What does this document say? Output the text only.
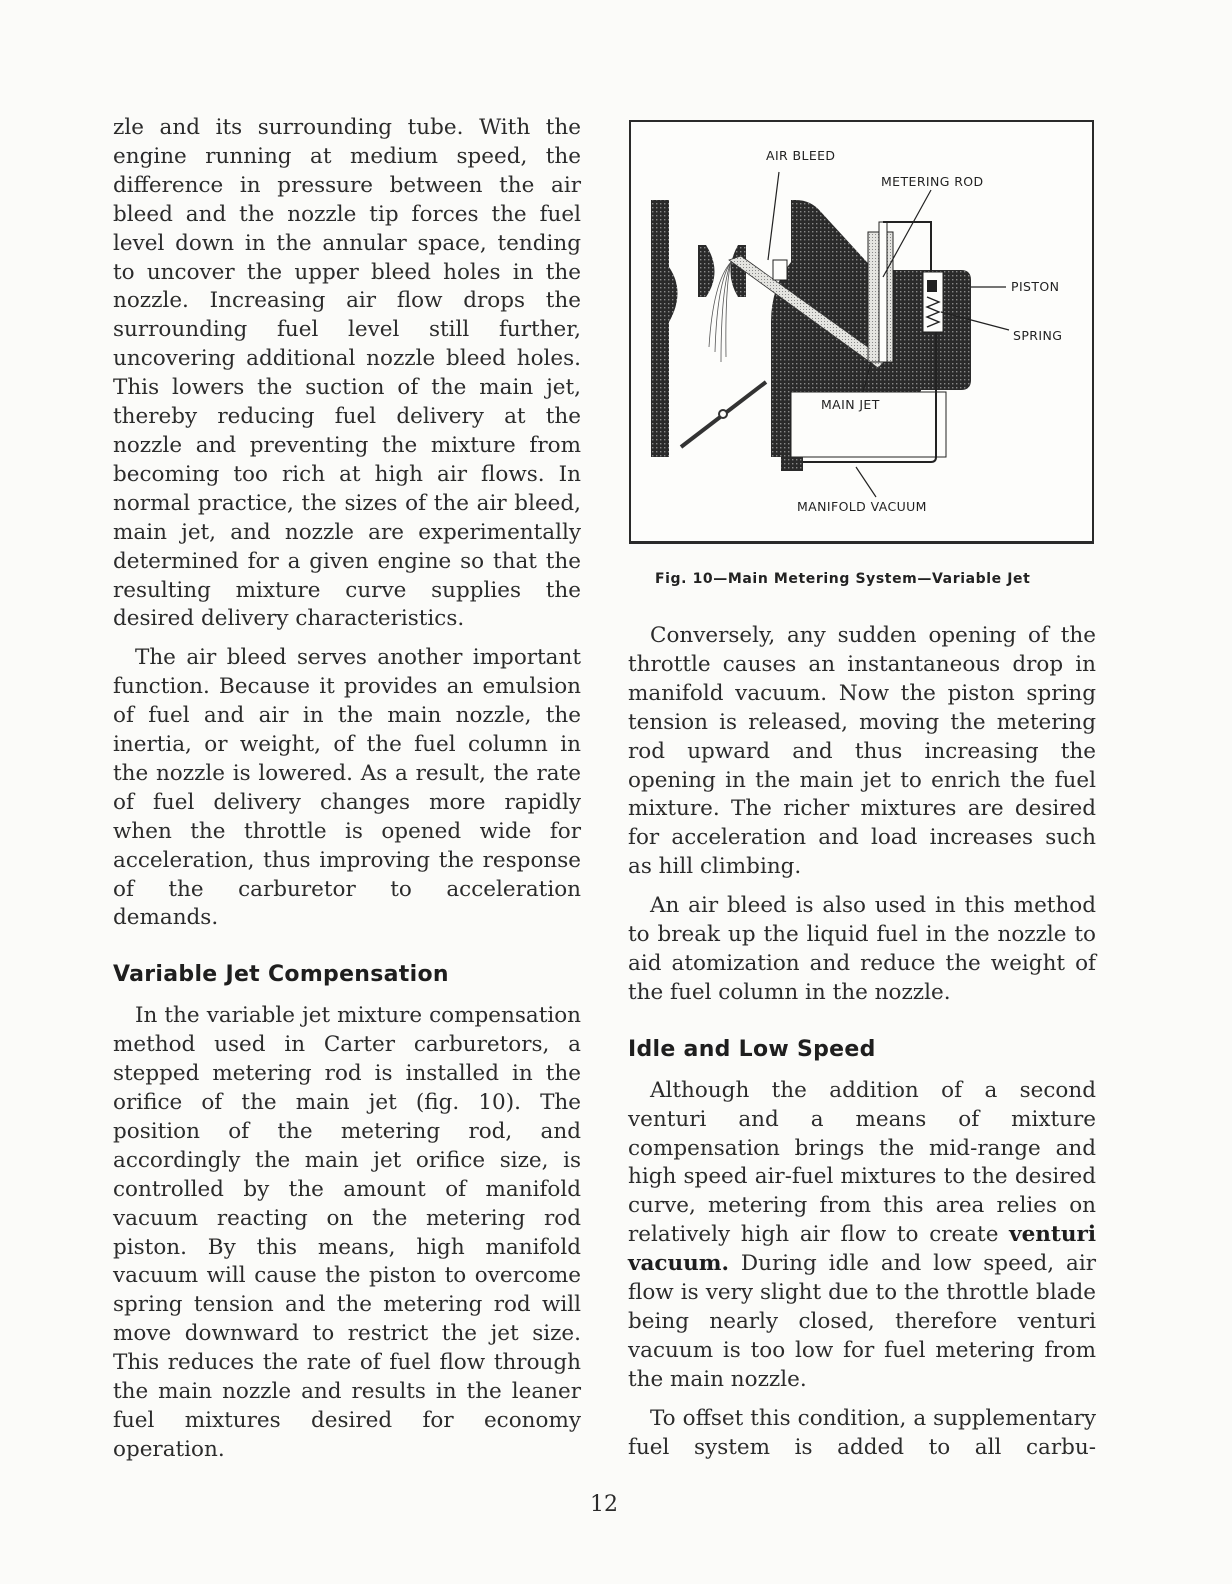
zle and its surrounding tube. With the engine running at medium speed, the difference in pressure between the air bleed and the nozzle tip forces the fuel level down in the annular space, tending to uncover the upper bleed holes in the nozzle. Increasing air flow drops the surrounding fuel level still further, uncovering additional nozzle bleed holes. This lowers the suction of the main jet, thereby reducing fuel delivery at the nozzle and preventing the mixture from becoming too rich at high air flows. In normal practice, the sizes of the air bleed, main jet, and nozzle are experimentally determined for a given engine so that the resulting mixture curve supplies the desired delivery characteristics.

The air bleed serves another important function. Because it provides an emulsion of fuel and air in the main nozzle, the inertia, or weight, of the fuel column in the nozzle is lowered. As a result, the rate of fuel delivery changes more rapidly when the throttle is opened wide for acceleration, thus improving the response of the carburetor to acceleration demands.

Variable Jet Compensation

In the variable jet mixture compensation method used in Carter carburetors, a stepped metering rod is installed in the orifice of the main jet (fig. 10). The position of the metering rod, and accordingly the main jet orifice size, is controlled by the amount of manifold vacuum reacting on the metering rod piston. By this means, high manifold vacuum will cause the piston to overcome spring tension and the metering rod will move downward to restrict the jet size. This reduces the rate of fuel flow through the main nozzle and results in the leaner fuel mixtures desired for economy operation.

AIR BLEED
METERING ROD
PISTON
SPRING
MAIN JET
MANIFOLD VACUUM
Fig. 10—Main Metering System—Variable Jet

Conversely, any sudden opening of the throttle causes an instantaneous drop in manifold vacuum. Now the piston spring tension is released, moving the metering rod upward and thus increasing the opening in the main jet to enrich the fuel mixture. The richer mixtures are desired for acceleration and load increases such as hill climbing.

An air bleed is also used in this method to break up the liquid fuel in the nozzle to aid atomization and reduce the weight of the fuel column in the nozzle.

Idle and Low Speed

Although the addition of a second venturi and a means of mixture compensation brings the mid-range and high speed air-fuel mixtures to the desired curve, metering from this area relies on relatively high air flow to create venturi vacuum. During idle and low speed, air flow is very slight due to the throttle blade being nearly closed, therefore venturi vacuum is too low for fuel metering from the main nozzle.

To offset this condition, a supplementary fuel system is added to all carbu-

12
